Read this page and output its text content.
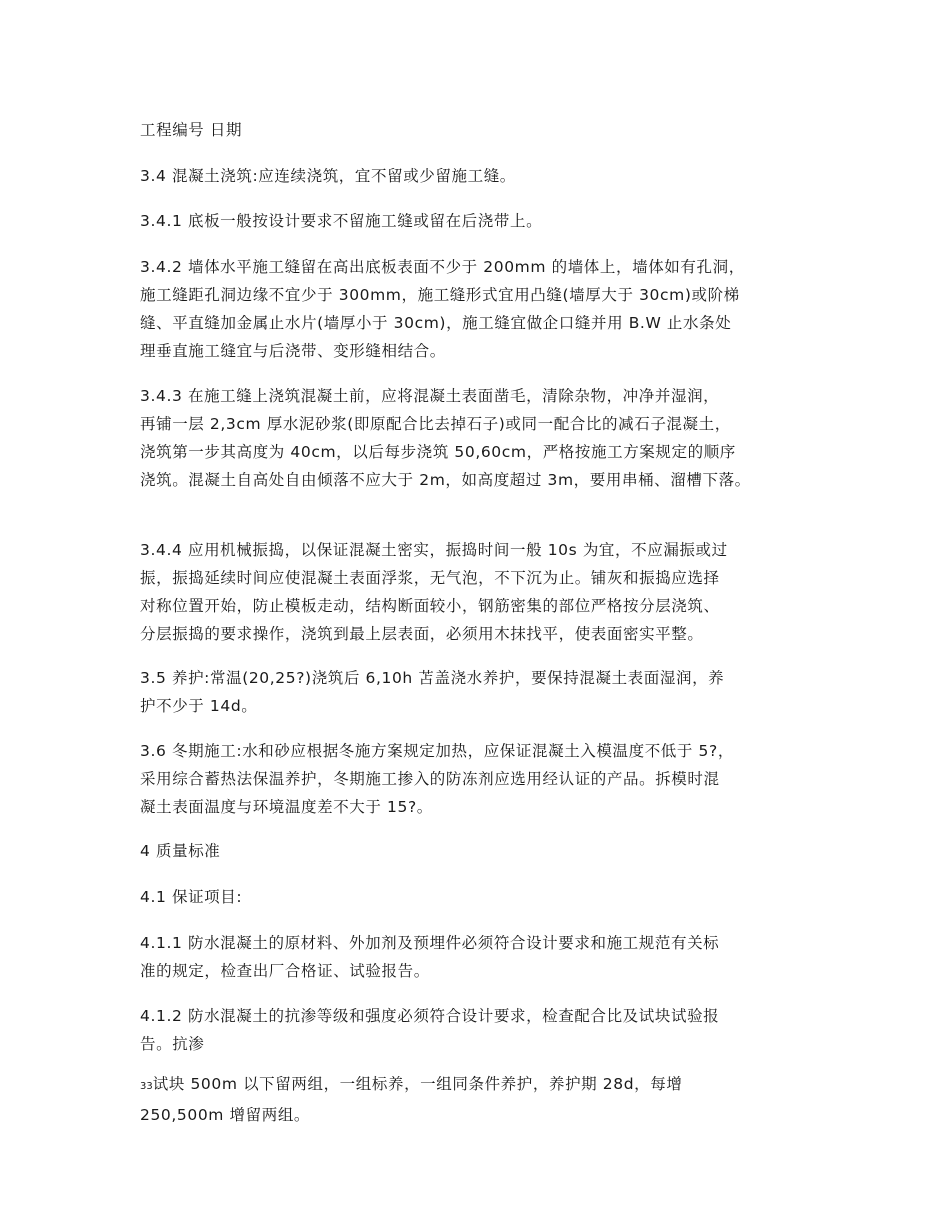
工程编号 日期

3.4 混凝土浇筑:应连续浇筑，宜不留或少留施工缝。

3.4.1 底板一般按设计要求不留施工缝或留在后浇带上。

3.4.2 墙体水平施工缝留在高出底板表面不少于 200mm 的墙体上，墙体如有孔洞，
施工缝距孔洞边缘不宜少于 300mm，施工缝形式宜用凸缝(墙厚大于 30cm)或阶梯
缝、平直缝加金属止水片(墙厚小于 30cm)，施工缝宜做企口缝并用 B.W 止水条处
理垂直施工缝宜与后浇带、变形缝相结合。

3.4.3 在施工缝上浇筑混凝土前，应将混凝土表面凿毛，清除杂物，冲净并湿润，
再铺一层 2,3cm 厚水泥砂浆(即原配合比去掉石子)或同一配合比的减石子混凝土，
浇筑第一步其高度为 40cm，以后每步浇筑 50,60cm，严格按施工方案规定的顺序
浇筑。混凝土自高处自由倾落不应大于 2m，如高度超过 3m，要用串桶、溜槽下落。

3.4.4 应用机械振捣，以保证混凝土密实，振捣时间一般 10s 为宜，不应漏振或过
振，振捣延续时间应使混凝土表面浮浆，无气泡，不下沉为止。铺灰和振捣应选择
对称位置开始，防止模板走动，结构断面较小，钢筋密集的部位严格按分层浇筑、
分层振捣的要求操作，浇筑到最上层表面，必须用木抹找平，使表面密实平整。

3.5 养护:常温(20,25?)浇筑后 6,10h 苫盖浇水养护，要保持混凝土表面湿润，养
护不少于 14d。

3.6 冬期施工:水和砂应根据冬施方案规定加热，应保证混凝土入模温度不低于 5?，
采用综合蓄热法保温养护，冬期施工掺入的防冻剂应选用经认证的产品。拆模时混
凝土表面温度与环境温度差不大于 15?。

4 质量标准

4.1 保证项目:

4.1.1 防水混凝土的原材料、外加剂及预埋件必须符合设计要求和施工规范有关标
准的规定，检查出厂合格证、试验报告。

4.1.2 防水混凝土的抗渗等级和强度必须符合设计要求，检查配合比及试块试验报
告。抗渗

33试块 500m 以下留两组，一组标养，一组同条件养护，养护期 28d，每增
250,500m 增留两组。
